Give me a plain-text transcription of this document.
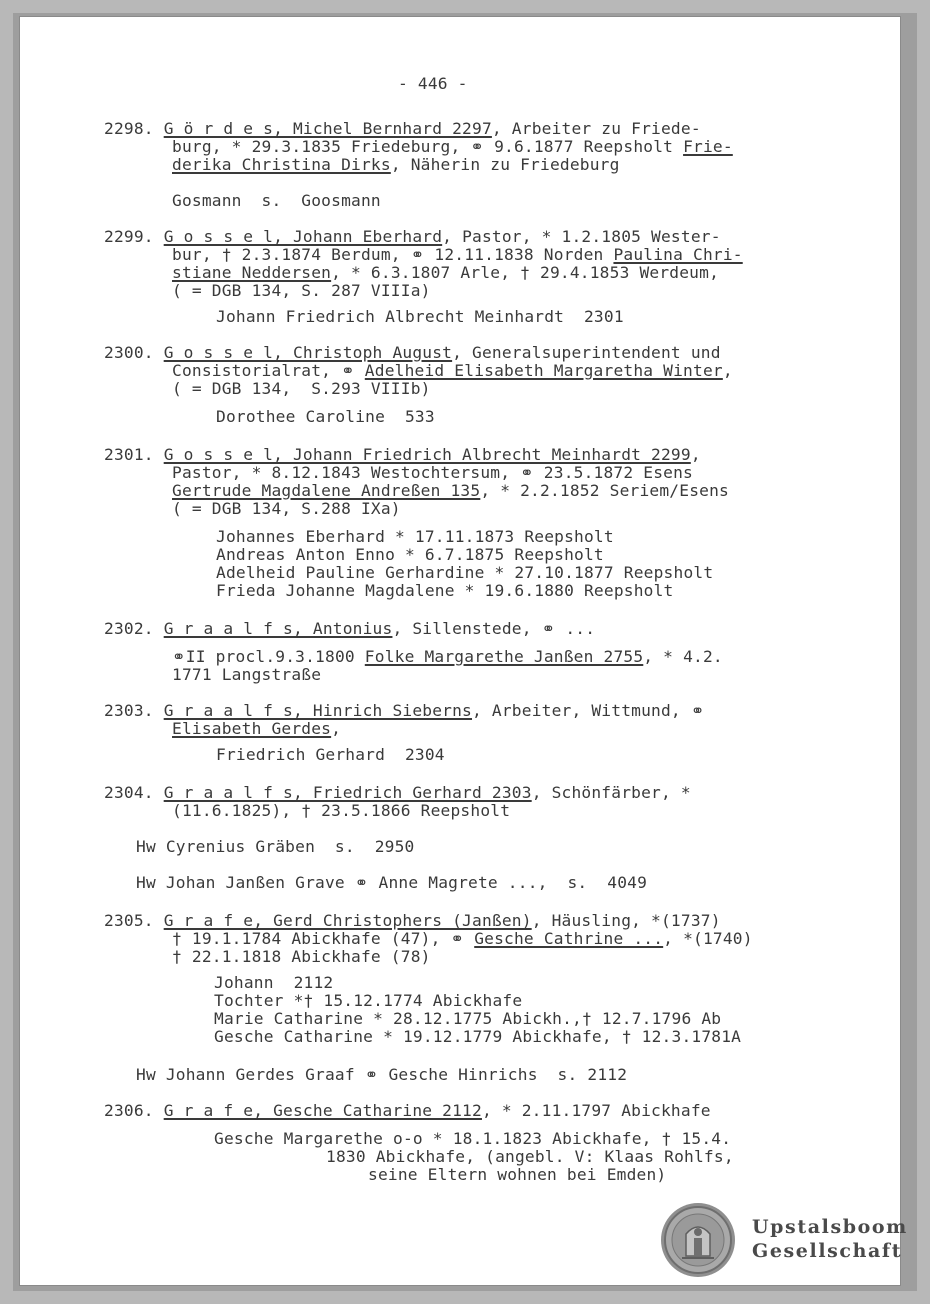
- 446 -
2298. G ö r d e s, Michel Bernhard 2297, Arbeiter zu Friede-
burg, * 29.3.1835 Friedeburg, ⚭ 9.6.1877 Reepsholt Frie-
derika Christina Dirks, Näherin zu Friedeburg
Gosmann  s.  Goosmann
2299. G o s s e l, Johann Eberhard, Pastor, * 1.2.1805 Wester-
bur, † 2.3.1874 Berdum, ⚭ 12.11.1838 Norden Paulina Chri-
stiane Neddersen, * 6.3.1807 Arle, † 29.4.1853 Werdeum,
( = DGB 134, S. 287 VIIIa)
Johann Friedrich Albrecht Meinhardt  2301
2300. G o s s e l, Christoph August, Generalsuperintendent und
Consistorialrat, ⚭ Adelheid Elisabeth Margaretha Winter,
( = DGB 134,  S.293 VIIIb)
Dorothee Caroline  533
2301. G o s s e l, Johann Friedrich Albrecht Meinhardt 2299,
Pastor, * 8.12.1843 Westochtersum, ⚭ 23.5.1872 Esens
Gertrude Magdalene Andreßen 135, * 2.2.1852 Seriem/Esens
( = DGB 134, S.288 IXa)
Johannes Eberhard * 17.11.1873 Reepsholt
Andreas Anton Enno * 6.7.1875 Reepsholt
Adelheid Pauline Gerhardine * 27.10.1877 Reepsholt
Frieda Johanne Magdalene * 19.6.1880 Reepsholt
2302. G r a a l f s, Antonius, Sillenstede, ⚭ ...
⚭II procl.9.3.1800 Folke Margarethe Janßen 2755, * 4.2.
1771 Langstraße
2303. G r a a l f s, Hinrich Sieberns, Arbeiter, Wittmund, ⚭
Elisabeth Gerdes,
Friedrich Gerhard  2304
2304. G r a a l f s, Friedrich Gerhard 2303, Schönfärber, *
(11.6.1825), † 23.5.1866 Reepsholt
Hw Cyrenius Gräben  s.  2950
Hw Johan Janßen Grave ⚭ Anne Magrete ...,  s.  4049
2305. G r a f e, Gerd Christophers (Janßen), Häusling, *(1737)
† 19.1.1784 Abickhafe (47), ⚭ Gesche Cathrine ..., *(1740)
† 22.1.1818 Abickhafe (78)
Johann  2112
Tochter *† 15.12.1774 Abickhafe
Marie Catharine * 28.12.1775 Abickh.,† 12.7.1796 Ab
Gesche Catharine * 19.12.1779 Abickhafe, † 12.3.1781A
Hw Johann Gerdes Graaf ⚭ Gesche Hinrichs  s. 2112
2306. G r a f e, Gesche Catharine 2112, * 2.11.1797 Abickhafe
Gesche Margarethe o-o * 18.1.1823 Abickhafe, † 15.4.
1830 Abickhafe, (angebl. V: Klaas Rohlfs,
seine Eltern wohnen bei Emden)
Upstalsboom
Gesellschaft
